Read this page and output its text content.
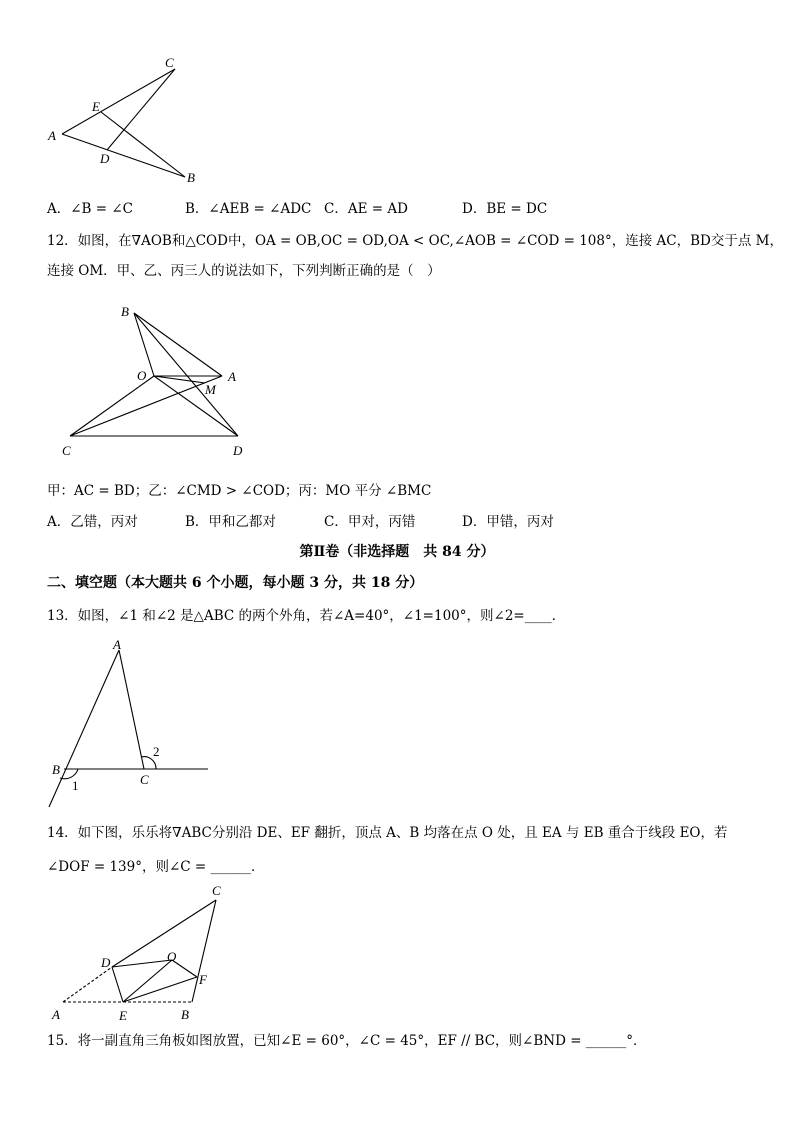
C
E
A
D
B
A．∠B = ∠C	B．∠AEB = ∠ADC C．AE = AD	D．BE = DC
12．如图，在∇AOB和△COD中，OA = OB,OC = OD,OA < OC,∠AOB = ∠COD = 108°，连接 AC，BD交于点 M，
连接 OM．甲、乙、丙三人的说法如下，下列判断正确的是（　）
B
O	A
M
C	D
甲：AC = BD；乙：∠CMD > ∠COD；丙：MO 平分 ∠BMC
A．乙错，丙对	B．甲和乙都对	C．甲对，丙错	D．甲错，丙对
第Ⅱ卷（非选择题　共 84 分）
二、填空题（本大题共 6 个小题，每小题 3 分，共 18 分）
13．如图，∠1 和∠2 是△ABC 的两个外角，若∠A=40°，∠1=100°，则∠2=____．
A
B
C
1
2
14．如下图，乐乐将∇ABC分别沿 DE、EF 翻折，顶点 A、B 均落在点 O 处，且 EA 与 EB 重合于线段 EO，若
∠DOF = 139°，则∠C = ______．
C
D	O
F
A	E	B
15．将一副直角三角板如图放置，已知∠E = 60°，∠C = 45°，EF // BC，则∠BND = ______°．
